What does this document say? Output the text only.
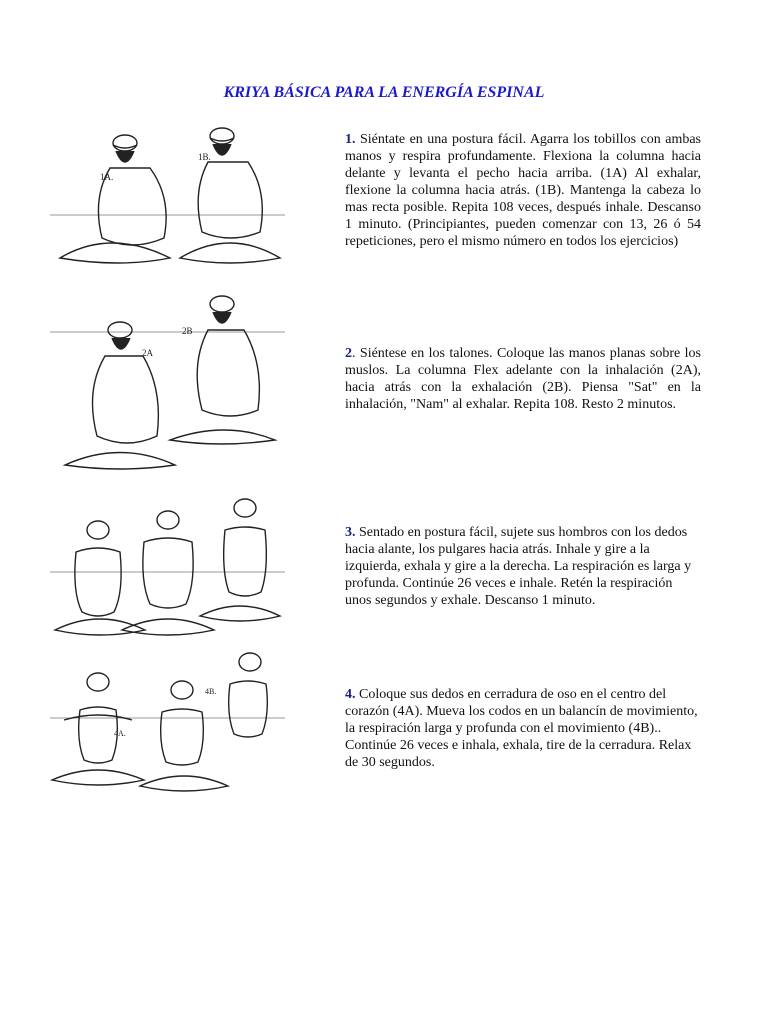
KRIYA BÁSICA PARA LA ENERGÍA ESPINAL
1A.
1B.
1. Siéntate en una postura fácil. Agarra los tobillos con ambas manos y respira profundamente. Flexiona la columna hacia delante y levanta el pecho hacia arriba. (1A) Al exhalar, flexione la columna hacia atrás. (1B). Mantenga la cabeza lo mas recta posible. Repita 108 veces, después inhale. Descanso 1 minuto. (Principiantes, pueden comenzar con 13, 26 ó 54 repeticiones, pero el mismo número en todos los ejercicios)
2A
2B
2. Siéntese en los talones. Coloque las manos planas sobre los muslos. La columna Flex adelante con la inhalación (2A), hacia atrás con la exhalación (2B). Piensa "Sat" en la inhalación, "Nam" al exhalar. Repita 108. Resto 2 minutos.
3. Sentado en postura fácil, sujete sus hombros con los dedos hacia alante, los pulgares hacia atrás. Inhale y gire a la izquierda, exhala y gire a la derecha. La respiración es larga y profunda. Continúe 26 veces e inhale. Retén la respiración unos segundos y exhale. Descanso 1 minuto.
4A.
4B.	4. Coloque sus dedos en cerradura de oso en el centro del corazón (4A). Mueva los codos en un balancín de movimiento, la respiración larga y profunda con el movimiento (4B).. Continúe 26 veces e inhala, exhala, tire de la cerradura. Relax de 30 segundos.
